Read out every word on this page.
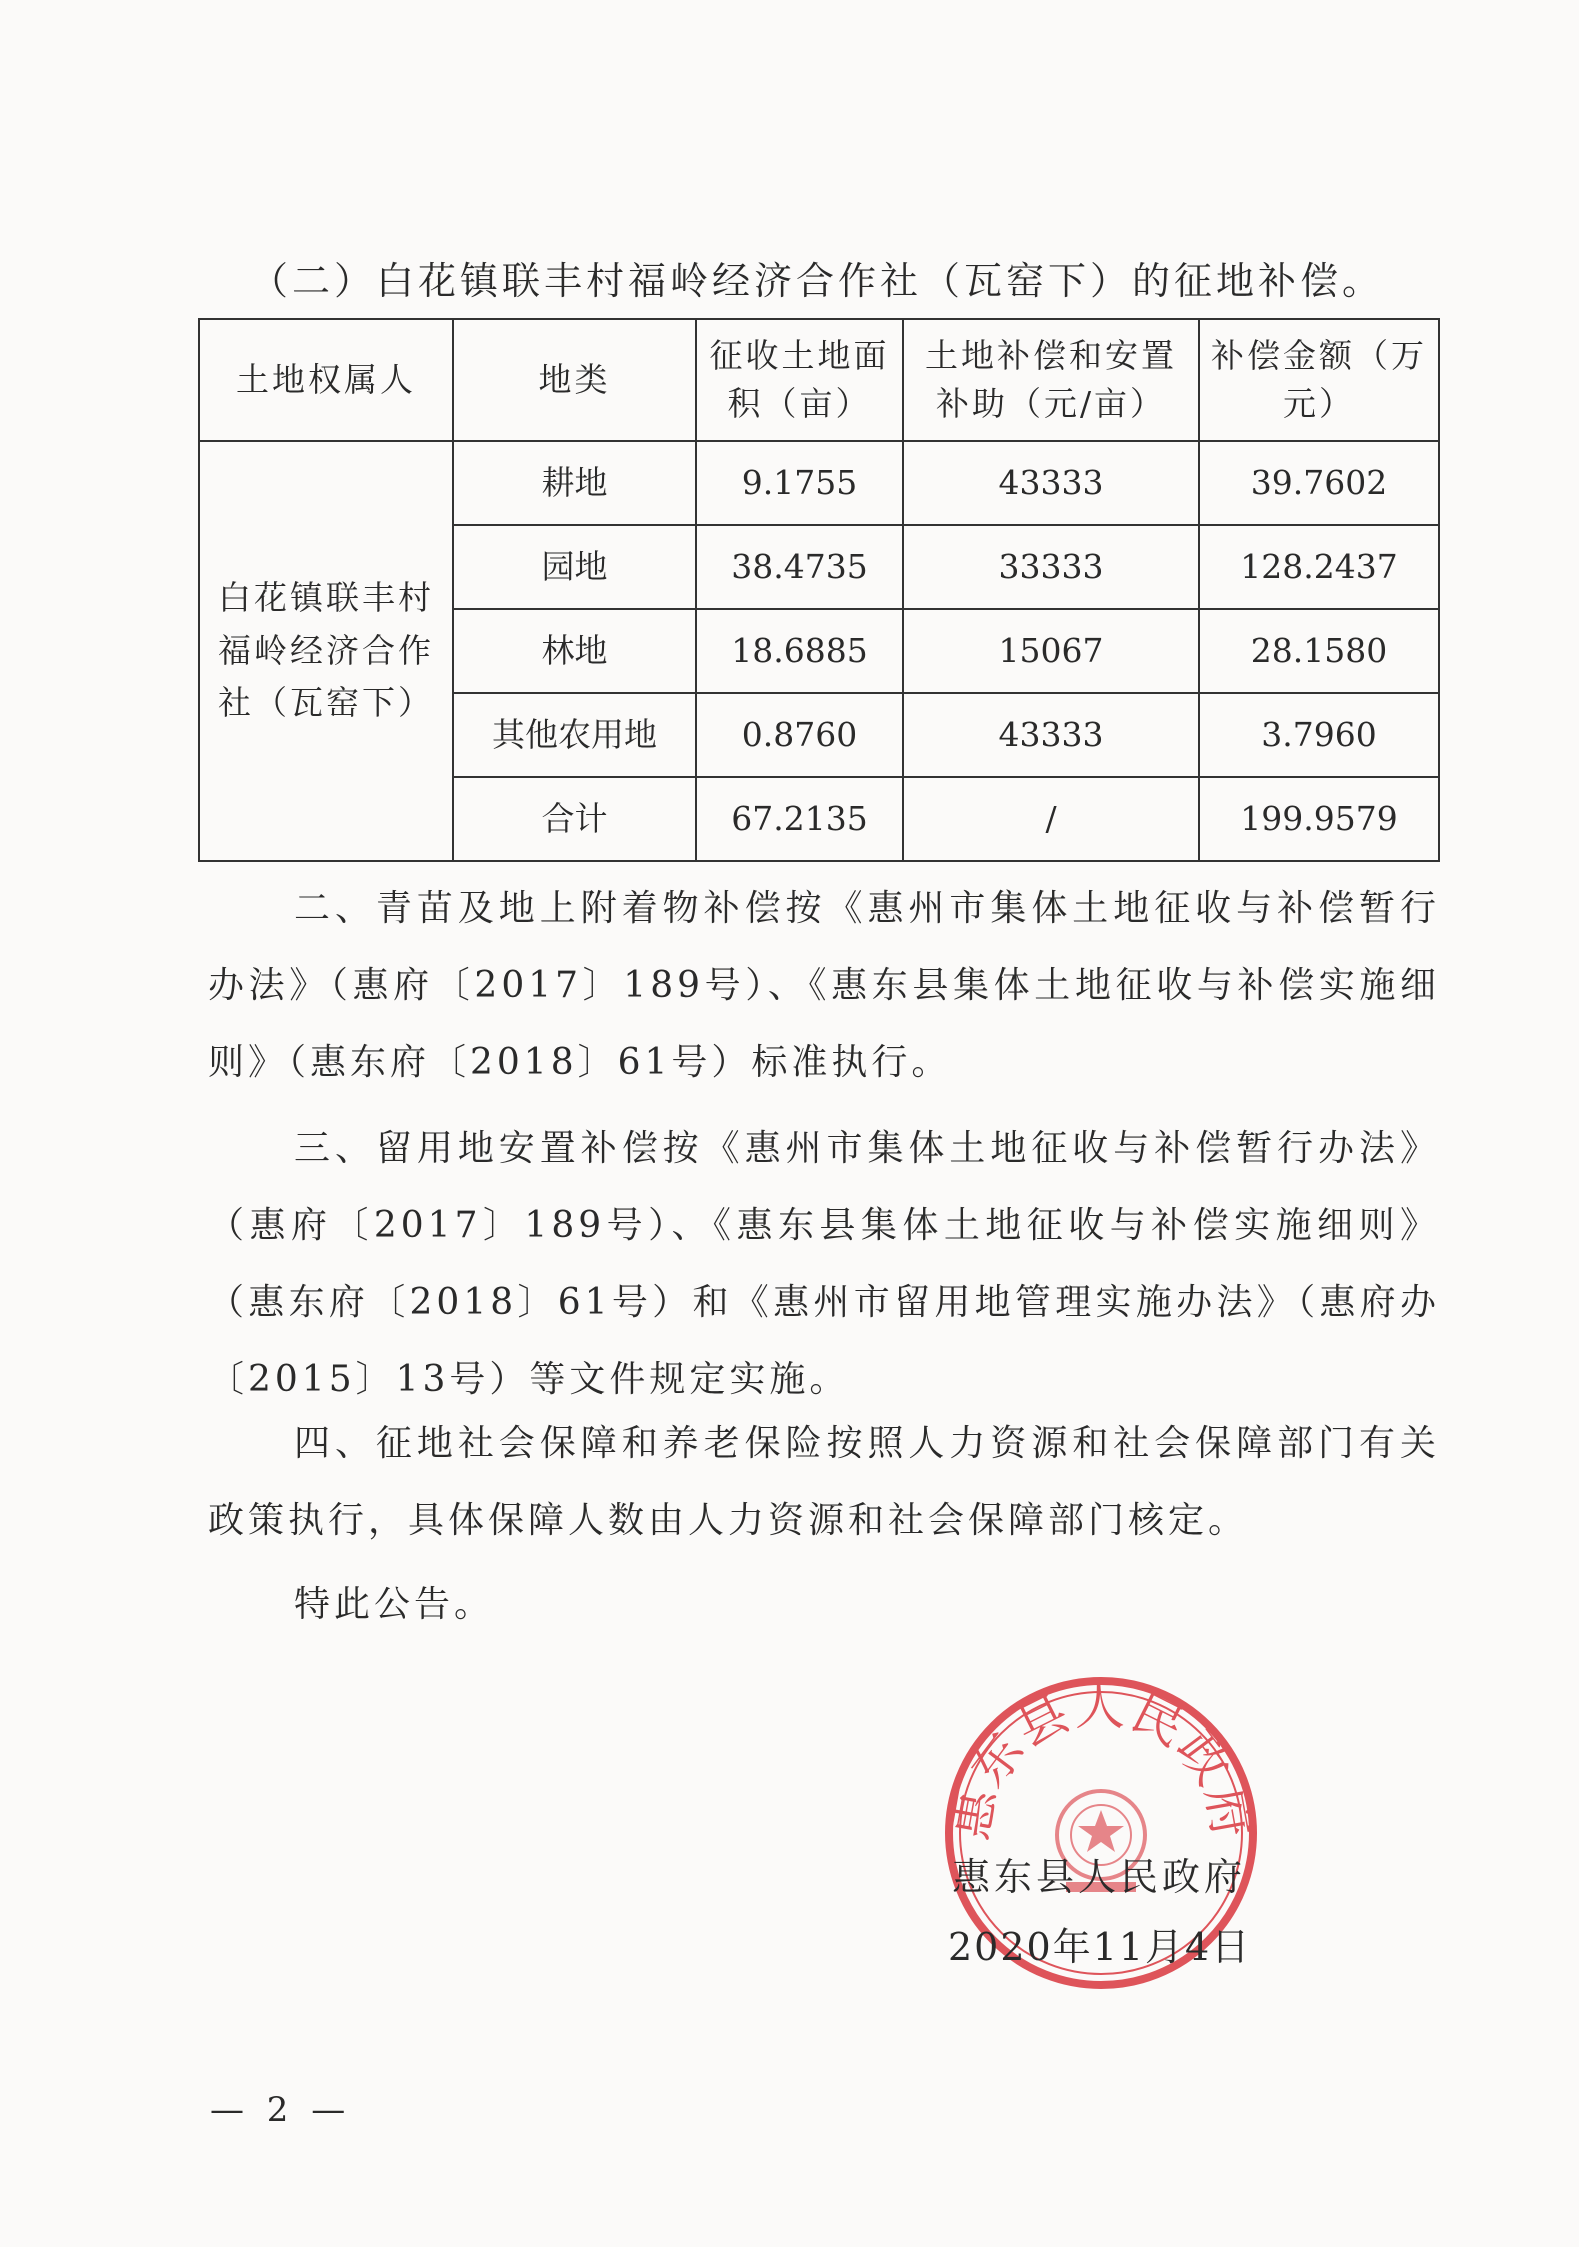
（二）白花镇联丰村福岭经济合作社（瓦窑下）的征地补偿。
土地权属人	地类	征收土地面积（亩）	土地补偿和安置补助（元/亩）	补偿金额（万元）
白花镇联丰村福岭经济合作社（瓦窑下）	耕地	9.1755	43333	39.7602
	园地	38.4735	33333	128.2437
	林地	18.6885	15067	28.1580
	其他农用地	0.8760	43333	3.7960
	合计	67.2135	/	199.9579

二、青苗及地上附着物补偿按《惠州市集体土地征收与补偿暂行办法》（惠府〔2017〕189号）、《惠东县集体土地征收与补偿实施细则》（惠东府〔2018〕61号）标准执行。

三、留用地安置补偿按《惠州市集体土地征收与补偿暂行办法》（惠府〔2017〕189号）、《惠东县集体土地征收与补偿实施细则》（惠东府〔2018〕61号）和《惠州市留用地管理实施办法》（惠府办〔2015〕13号）等文件规定实施。

四、征地社会保障和养老保险按照人力资源和社会保障部门有关政策执行，具体保障人数由人力资源和社会保障部门核定。

特此公告。

惠东县人民政府
惠东县人民政府
2020年11月4日
— 2 —
